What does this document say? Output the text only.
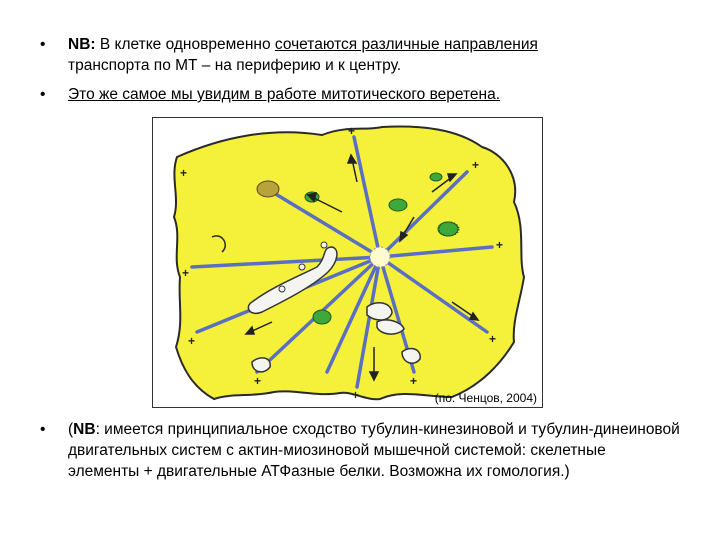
•	NB: В клетке одновременно сочетаются различные направления
транспорта по МТ – на периферию и к центру.
•	Это же самое мы увидим в работе митотического веретена.
+
+
+
+
+
+
+
+
+
+
(по: Ченцов, 2004)
•	(NB: имеется принципиальное сходство тубулин-кинезиновой и тубулин-динеиновой двигательных систем с актин-миозиновой мышечной системой: скелетные элементы + двигательные АТФазные белки. Возможна их гомология.)
